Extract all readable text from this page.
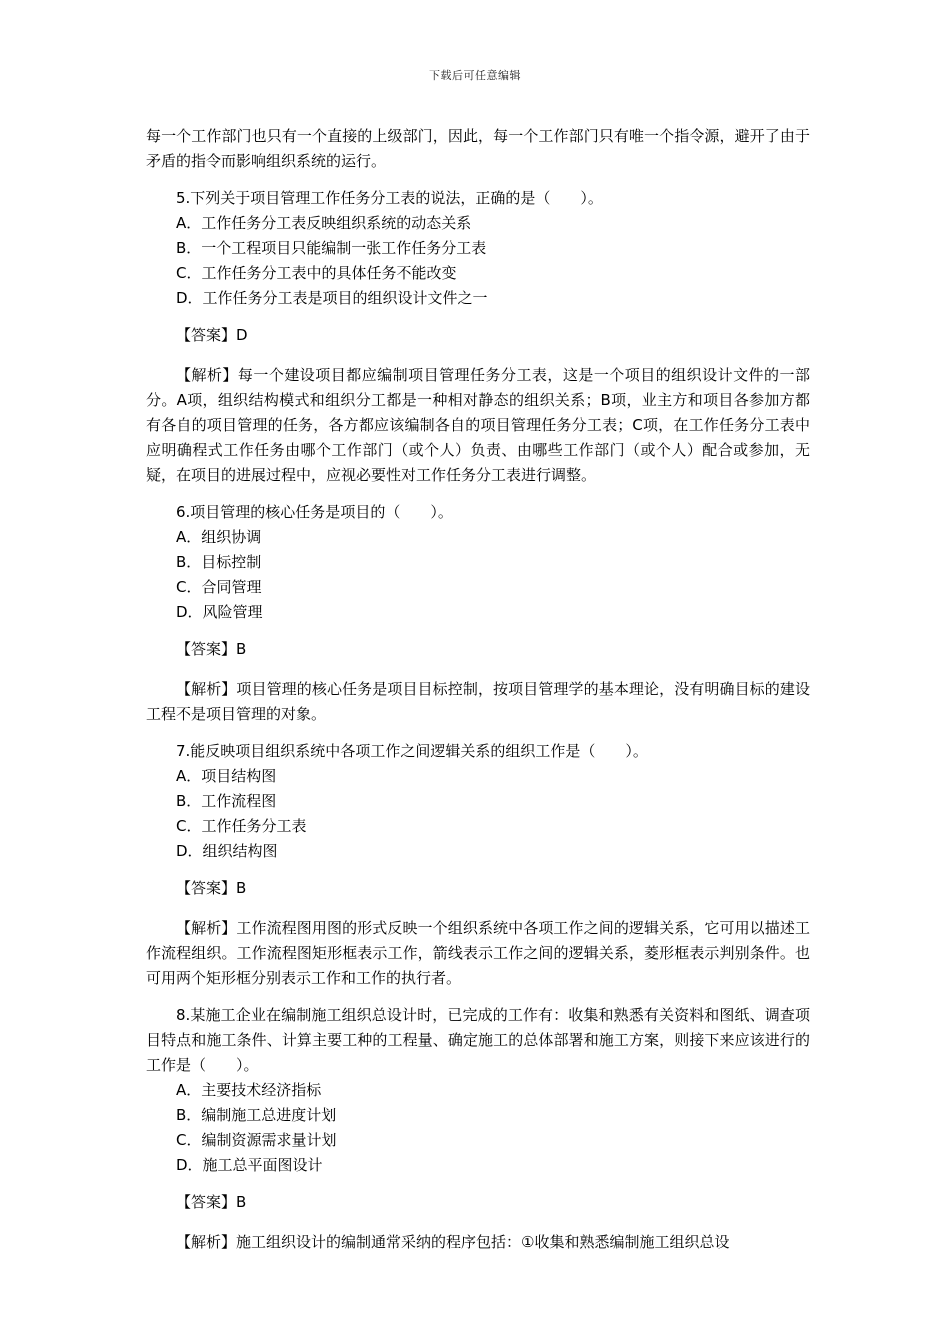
下载后可任意编辑

每一个工作部门也只有一个直接的上级部门，因此，每一个工作部门只有唯一个指令源，避开了由于矛盾的指令而影响组织系统的运行。

5.下列关于项目管理工作任务分工表的说法，正确的是（　　）。

A．工作任务分工表反映组织系统的动态关系

B．一个工程项目只能编制一张工作任务分工表

C．工作任务分工表中的具体任务不能改变

D．工作任务分工表是项目的组织设计文件之一

【答案】D

【解析】每一个建设项目都应编制项目管理任务分工表，这是一个项目的组织设计文件的一部分。A项，组织结构模式和组织分工都是一种相对静态的组织关系；B项，业主方和项目各参加方都有各自的项目管理的任务，各方都应该编制各自的项目管理任务分工表；C项，在工作任务分工表中应明确程式工作任务由哪个工作部门（或个人）负责、由哪些工作部门（或个人）配合或参加，无疑，在项目的进展过程中，应视必要性对工作任务分工表进行调整。

6.项目管理的核心任务是项目的（　　）。

A．组织协调

B．目标控制

C．合同管理

D．风险管理

【答案】B

【解析】项目管理的核心任务是项目目标控制，按项目管理学的基本理论，没有明确目标的建设工程不是项目管理的对象。

7.能反映项目组织系统中各项工作之间逻辑关系的组织工作是（　　）。

A．项目结构图

B．工作流程图

C．工作任务分工表

D．组织结构图

【答案】B

【解析】工作流程图用图的形式反映一个组织系统中各项工作之间的逻辑关系，它可用以描述工作流程组织。工作流程图矩形框表示工作，箭线表示工作之间的逻辑关系，菱形框表示判别条件。也可用两个矩形框分别表示工作和工作的执行者。

8.某施工企业在编制施工组织总设计时，已完成的工作有：收集和熟悉有关资料和图纸、调查项目特点和施工条件、计算主要工种的工程量、确定施工的总体部署和施工方案，则接下来应该进行的工作是（　　）。

A．主要技术经济指标

B．编制施工总进度计划

C．编制资源需求量计划

D．施工总平面图设计

【答案】B

【解析】施工组织设计的编制通常采纳的程序包括：①收集和熟悉编制施工组织总设
